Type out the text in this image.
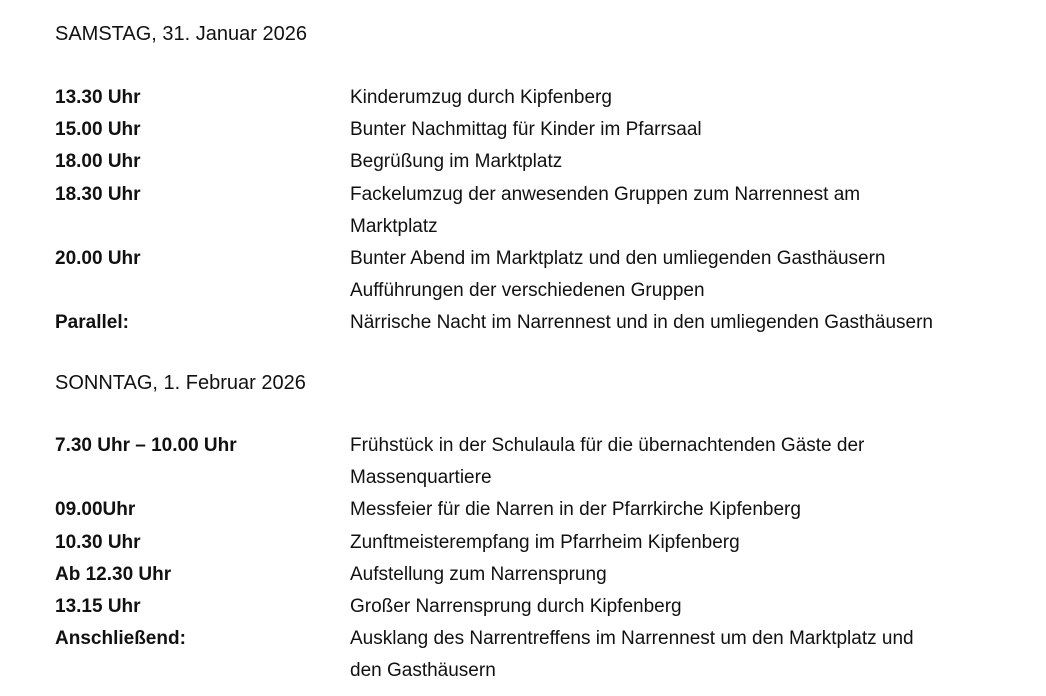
SAMSTAG, 31. Januar 2026
13.30 Uhr	Kinderumzug durch Kipfenberg
15.00 Uhr	Bunter Nachmittag für Kinder im Pfarrsaal
18.00 Uhr	Begrüßung im Marktplatz
18.30 Uhr	Fackelumzug der anwesenden Gruppen zum Narrennest am
Marktplatz
20.00 Uhr	Bunter Abend im Marktplatz und den umliegenden Gasthäusern
Aufführungen der verschiedenen Gruppen
Parallel:	Närrische Nacht im Narrennest und in den umliegenden Gasthäusern
SONNTAG, 1. Februar 2026
7.30 Uhr – 10.00 Uhr	Frühstück in der Schulaula für die übernachtenden Gäste der
Massenquartiere
09.00Uhr	Messfeier für die Narren in der Pfarrkirche Kipfenberg
10.30 Uhr	Zunftmeisterempfang im Pfarrheim Kipfenberg
Ab 12.30 Uhr	Aufstellung zum Narrensprung
13.15 Uhr	Großer Narrensprung durch Kipfenberg
Anschließend:	Ausklang des Narrentreffens im Narrennest um den Marktplatz und
den Gasthäusern
